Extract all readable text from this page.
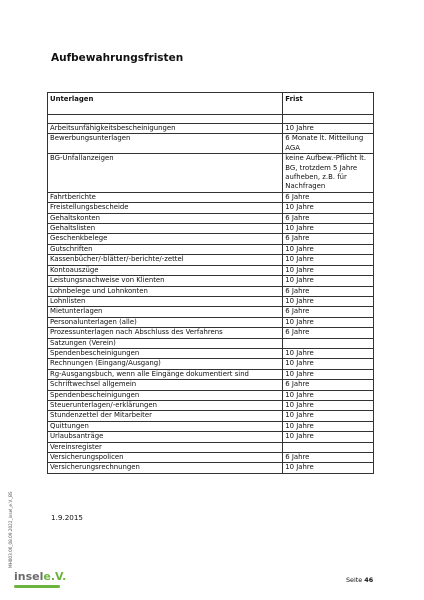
Aufbewahrungsfristen
Unterlagen	Frist

Arbeitsunfähigkeitsbescheinigungen	10 Jahre
Bewerbungsunterlagen	6 Monate lt. Mitteilung AGA
BG-Unfallanzeigen	keine Aufbew.-Pflicht lt. BG, trotzdem 5 Jahre aufheben, z.B. für Nachfragen
Fahrtberichte	6 Jahre
Freistellungsbescheide	10 Jahre
Gehaltskonten	6 Jahre
Gehaltslisten	10 Jahre
Geschenkbelege	6 Jahre
Gutschriften	10 Jahre
Kassenbücher/-blätter/-berichte/-zettel	10 Jahre
Kontoauszüge	10 Jahre
Leistungsnachweise von Klienten	10 Jahre
Lohnbelege und Lohnkonten	6 Jahre
Lohnlisten	10 Jahre
Mietunterlagen	6 Jahre
Personalunterlagen (alle)	10 Jahre
Prozessunterlagen nach Abschluss des Verfahrens	6 Jahre
Satzungen (Verein)	
Spendenbescheinigungen	10 Jahre
Rechnungen (Eingang/Ausgang)	10 Jahre
Rg-Ausgangsbuch, wenn alle Eingänge dokumentiert sind	10 Jahre
Schriftwechsel allgemein	6 Jahre
Spendenbescheinigungen	10 Jahre
Steuerunterlagen/-erklärungen	10 Jahre
Stundenzettel der Mitarbeiter	10 Jahre
Quittungen	10 Jahre
Urlaubsanträge	10 Jahre
Vereinsregister	
Versicherungspolicen	6 Jahre
Versicherungsrechnungen	10 Jahre
1.9.2015
MH003.06_08.09.2022_insel_e.V._BS
insele.V.	Seite 46
